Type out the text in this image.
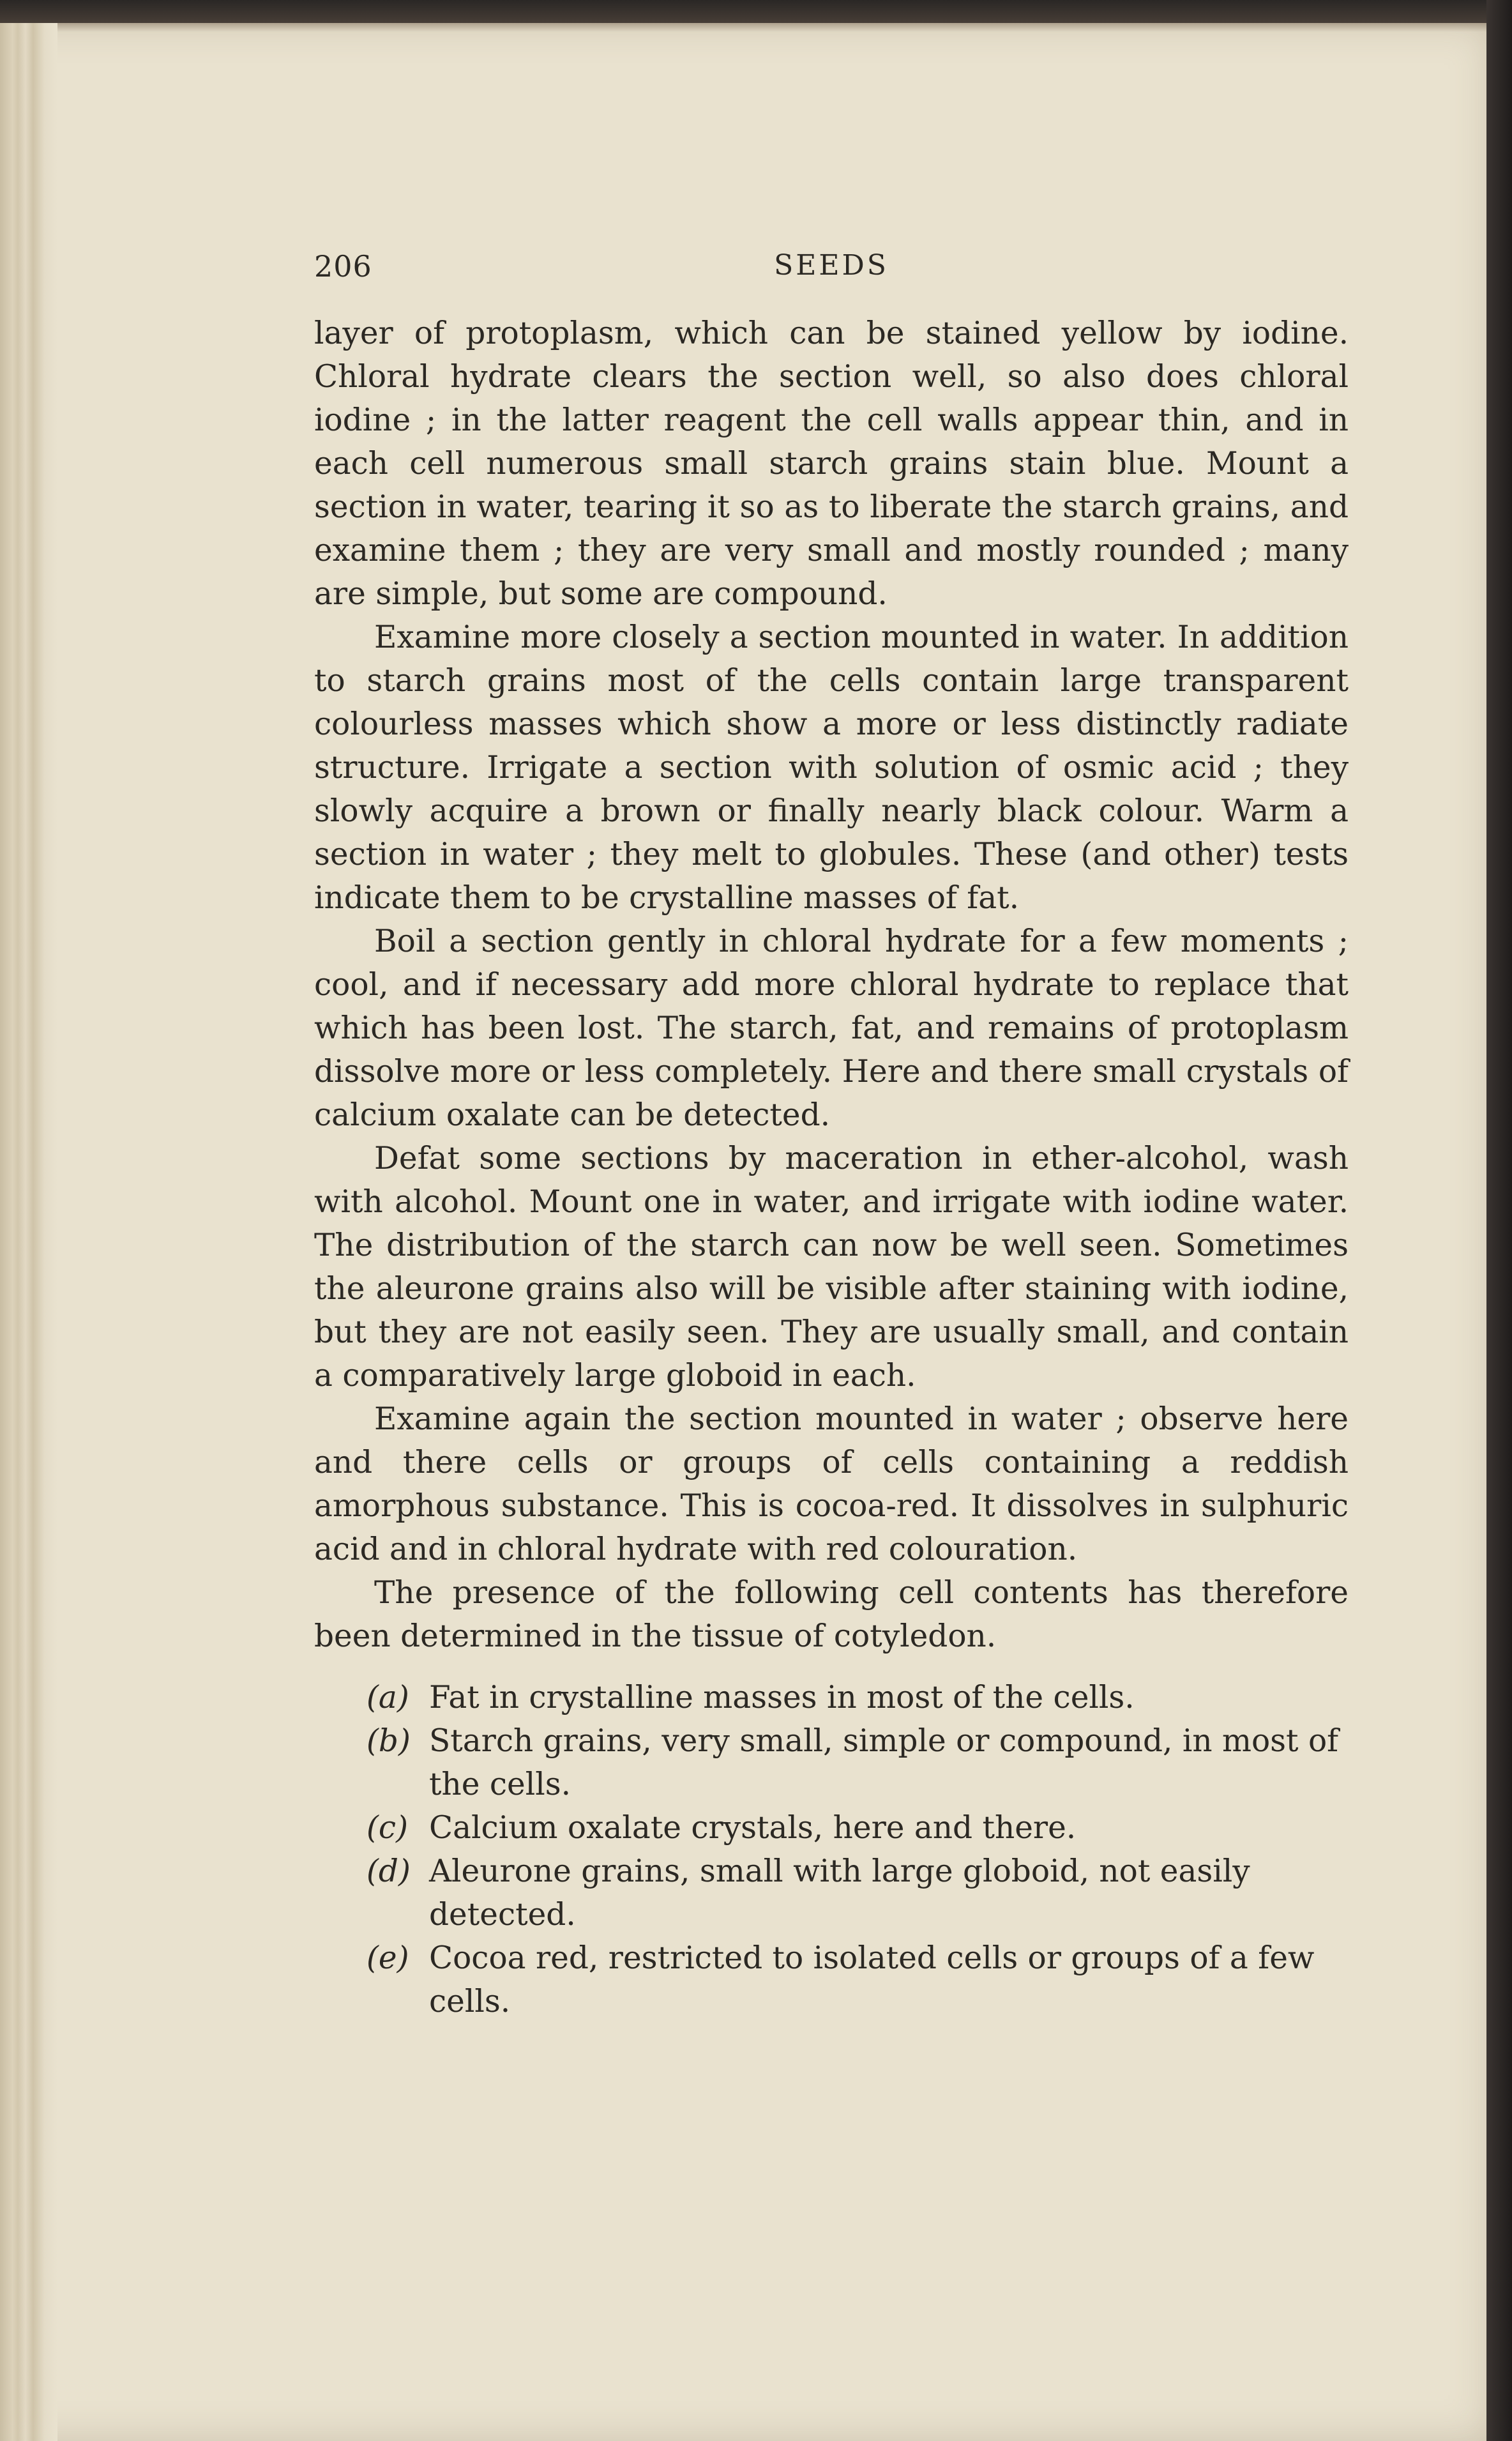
206	SEEDS

layer of protoplasm, which can be stained yellow by iodine. Chloral hydrate clears the section well, so also does chloral iodine ; in the latter reagent the cell walls appear thin, and in each cell numerous small starch grains stain blue. Mount a section in water, tearing it so as to liberate the starch grains, and examine them ; they are very small and mostly rounded ; many are simple, but some are compound.

Examine more closely a section mounted in water. In addition to starch grains most of the cells contain large transparent colourless masses which show a more or less distinctly radiate structure. Irrigate a section with solution of osmic acid ; they slowly acquire a brown or finally nearly black colour. Warm a section in water ; they melt to globules. These (and other) tests indicate them to be crystalline masses of fat.

Boil a section gently in chloral hydrate for a few moments ; cool, and if necessary add more chloral hydrate to replace that which has been lost. The starch, fat, and remains of protoplasm dissolve more or less completely. Here and there small crystals of calcium oxalate can be detected.

Defat some sections by maceration in ether-alcohol, wash with alcohol. Mount one in water, and irrigate with iodine water. The distribution of the starch can now be well seen. Sometimes the aleurone grains also will be visible after staining with iodine, but they are not easily seen. They are usually small, and contain a comparatively large globoid in each.

Examine again the section mounted in water ; observe here and there cells or groups of cells containing a reddish amorphous substance. This is cocoa-red. It dissolves in sulphuric acid and in chloral hydrate with red colouration.

The presence of the following cell contents has therefore been determined in the tissue of cotyledon.

(a) Fat in crystalline masses in most of the cells.
(b) Starch grains, very small, simple or compound, in most of the cells.
(c) Calcium oxalate crystals, here and there.
(d) Aleurone grains, small with large globoid, not easily detected.
(e) Cocoa red, restricted to isolated cells or groups of a few cells.
